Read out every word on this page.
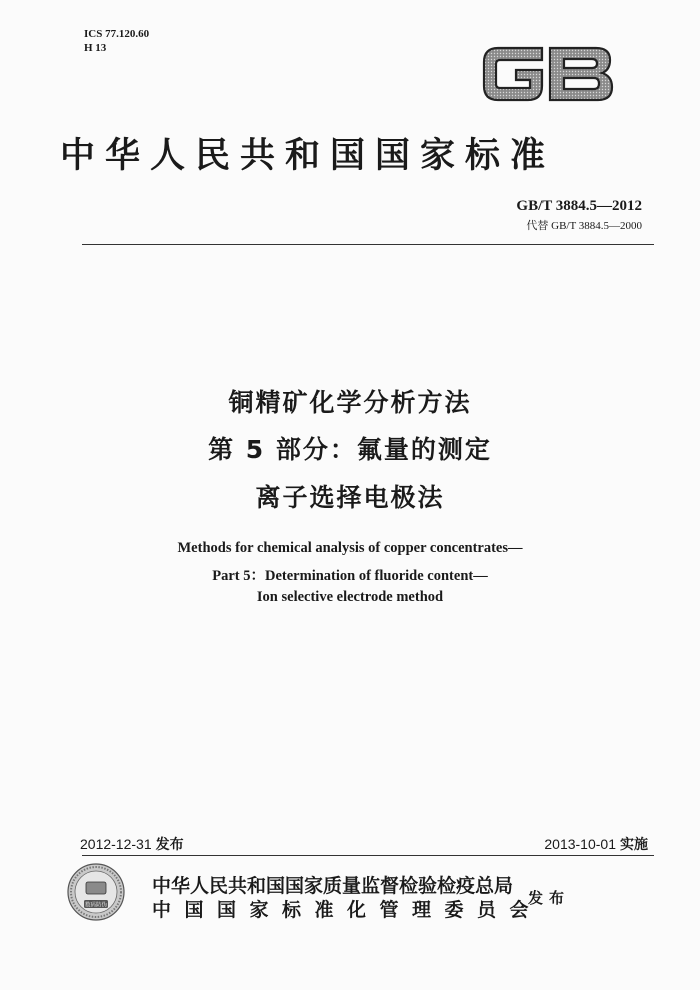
ICS 77.120.60
H 13
中华人民共和国国家标准
GB/T 3884.5—2012
代替 GB/T 3884.5—2000
铜精矿化学分析方法
第 5 部分：氟量的测定
离子选择电极法
Methods for chemical analysis of copper concentrates—
Part 5：Determination of fluoride content—
Ion selective electrode method
2012-12-31 发布	2013-10-01 实施
数码防伪
中华人民共和国国家质量监督检验检疫总局
中国国家标准化管理委员会
发布
